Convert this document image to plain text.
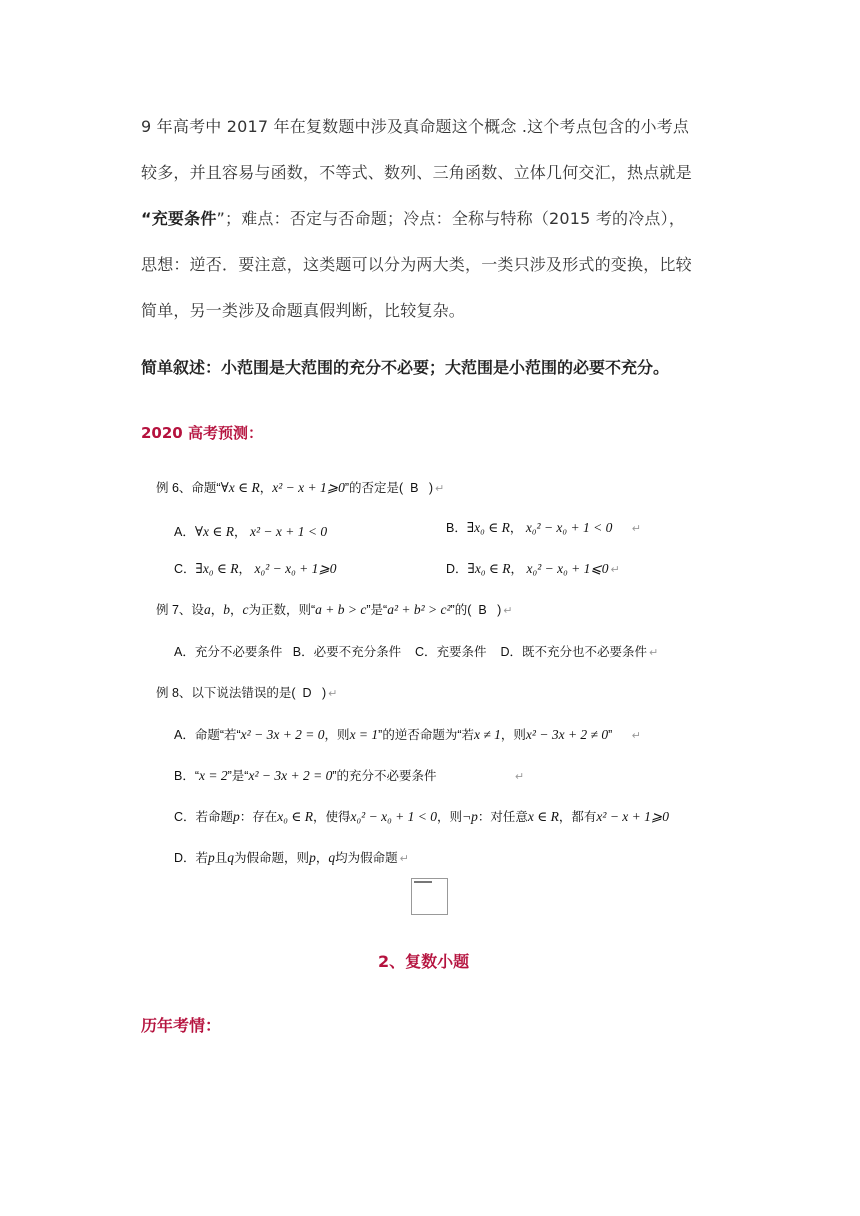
9 年高考中 2017 年在复数题中涉及真命题这个概念 .这个考点包含的小考点
较多，并且容易与函数，不等式、数列、三角函数、立体几何交汇，热点就是
“充要条件”；难点：否定与否命题；冷点：全称与特称（2015 考的冷点），
思想：逆否．要注意，这类题可以分为两大类，一类只涉及形式的变换，比较
简单，另一类涉及命题真假判断，比较复杂。
简单叙述：小范围是大范围的充分不必要；大范围是小范围的必要不充分。
2020 高考预测：
例 6、命题“∀x ∈ R，x² − x + 1⩾0”的否定是( B ) ↵
A．∀x ∈ R， x² − x + 1 < 0	B．∃x₀ ∈ R， x₀² − x₀ + 1 < 0 ↵
C．∃x₀ ∈ R， x₀² − x₀ + 1⩾0	D．∃x₀ ∈ R， x₀² − x₀ + 1⩽0 ↵
例 7、设a，b，c为正数，则“a + b > c”是“a² + b² > c²”的( B ) ↵
A．充分不必要条件 B．必要不充分条件 C．充要条件 D．既不充分也不必要条件 ↵
例 8、以下说法错误的是( D ) ↵
A．命题“若“x² − 3x + 2 = 0，则x = 1”的逆否命题为“若x ≠ 1，则x² − 3x + 2 ≠ 0” ↵
B．“x = 2”是“x² − 3x + 2 = 0”的充分不必要条件	↵
C．若命题p：存在x₀ ∈ R，使得x₀² − x₀ + 1 < 0，则¬p：对任意x ∈ R，都有x² − x + 1⩾0
D．若p且q为假命题，则p，q均为假命题 ↵
2、复数小题
历年考情：
